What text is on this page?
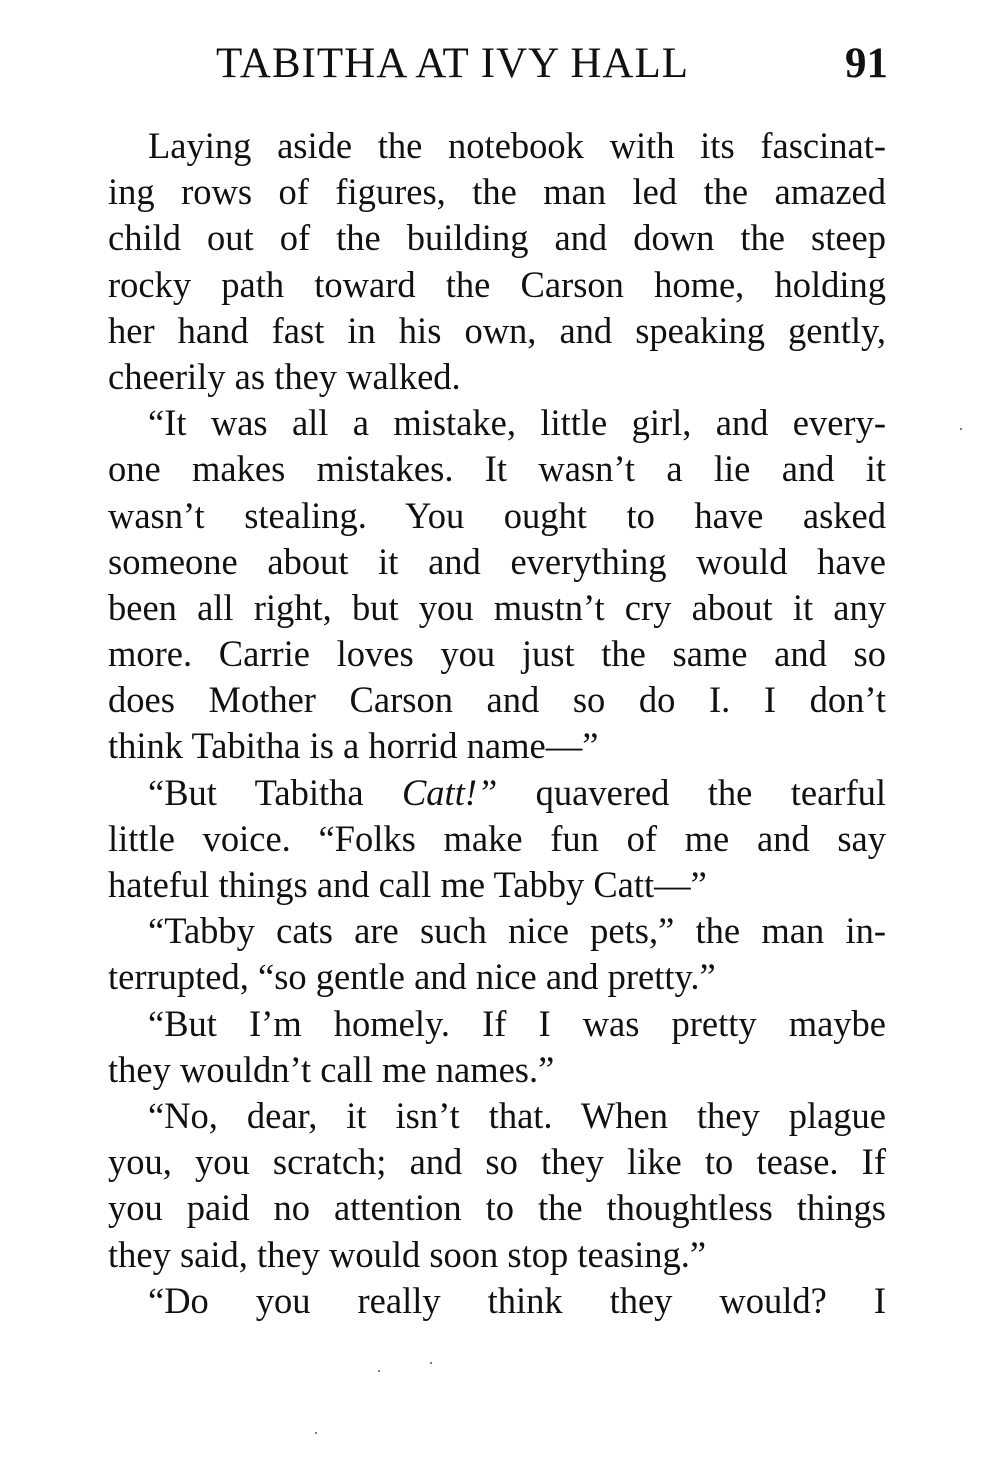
TABITHA AT IVY HALL	91
Laying aside the notebook with its fascinat-
ing rows of figures, the man led the amazed
child out of the building and down the steep
rocky path toward the Carson home, holding
her hand fast in his own, and speaking gently,
cheerily as they walked.
“It was all a mistake, little girl, and every-
one makes mistakes. It wasn’t a lie and it
wasn’t stealing. You ought to have asked
someone about it and everything would have
been all right, but you mustn’t cry about it any
more. Carrie loves you just the same and so
does Mother Carson and so do I. I don’t
think Tabitha is a horrid name—”
“But Tabitha Catt!” quavered the tearful
little voice. “Folks make fun of me and say
hateful things and call me Tabby Catt—”
“Tabby cats are such nice pets,” the man in-
terrupted, “so gentle and nice and pretty.”
“But I’m homely. If I was pretty maybe
they wouldn’t call me names.”
“No, dear, it isn’t that. When they plague
you, you scratch; and so they like to tease. If
you paid no attention to the thoughtless things
they said, they would soon stop teasing.”
“Do you really think they would? I
